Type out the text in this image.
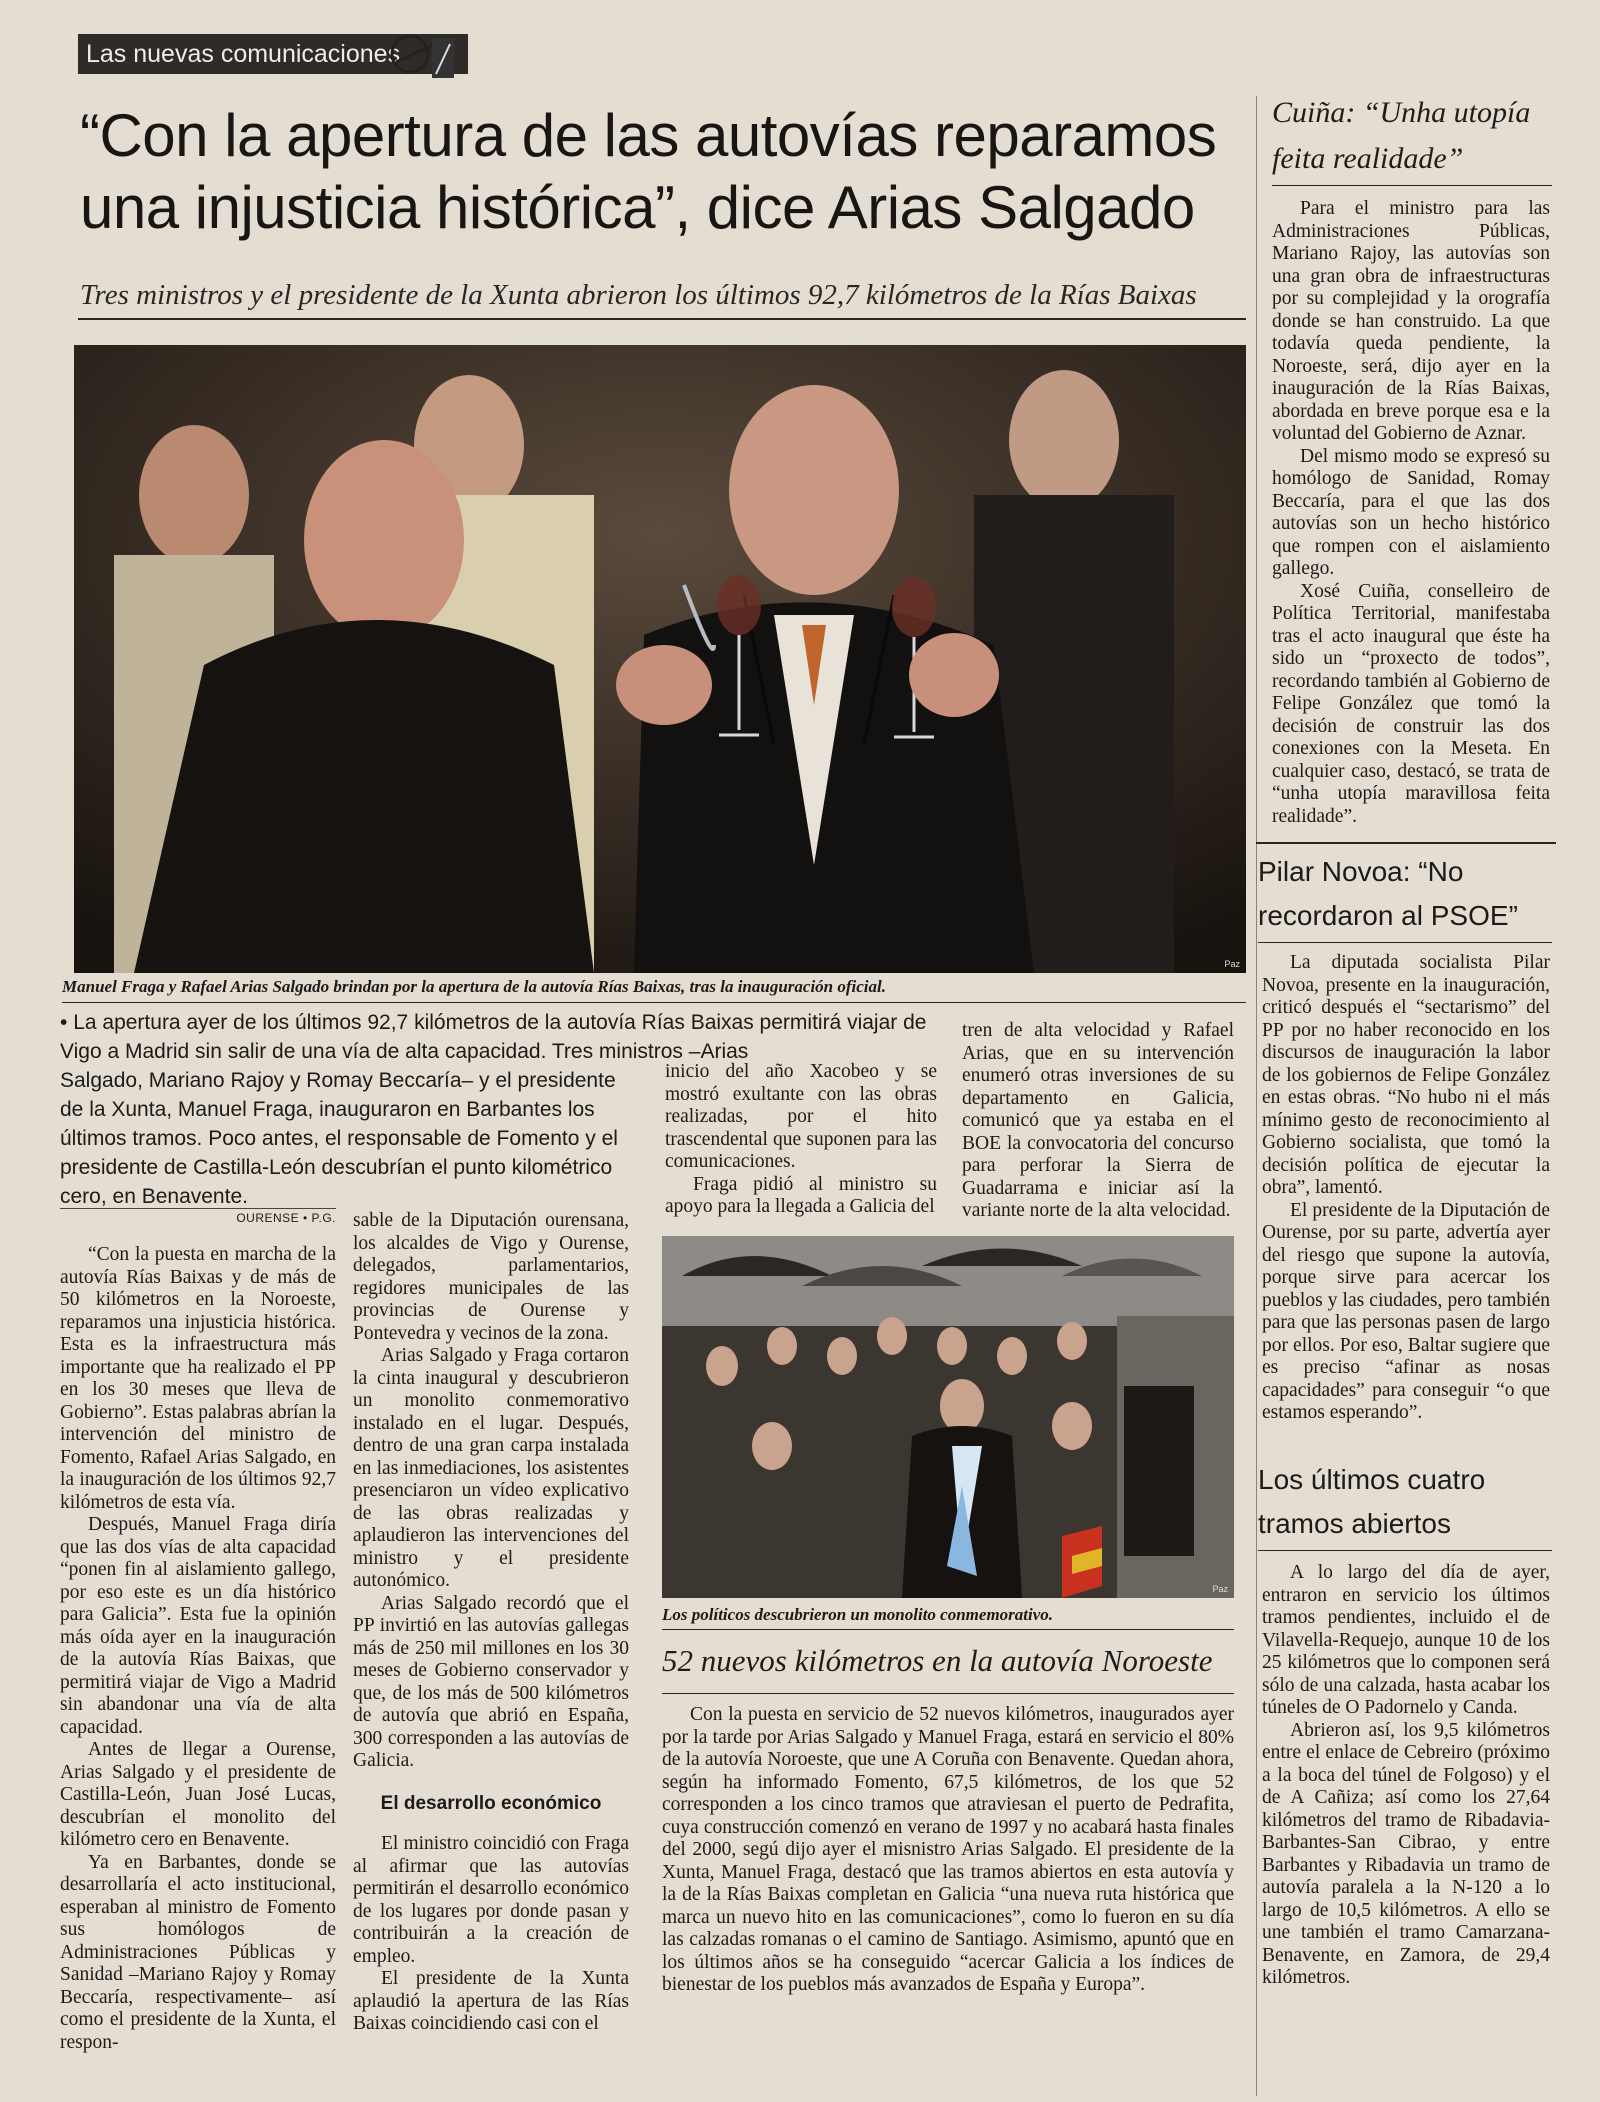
Las nuevas comunicaciones
“Con la apertura de las autovías reparamos una injusticia histórica”, dice Arias Salgado
Tres ministros y el presidente de la Xunta abrieron los últimos 92,7 kilómetros de la Rías Baixas
Paz
Manuel Fraga y Rafael Arias Salgado brindan por la apertura de la autovía Rías Baixas, tras la inauguración oficial.
• La apertura ayer de los últimos 92,7 kilómetros de la autovía Rías Baixas permitirá viajar de Vigo a Madrid sin salir de una vía de alta capacidad. Tres ministros –Arias
Salgado, Mariano Rajoy y Romay Beccaría– y el presidente de la Xunta, Manuel Fraga, inauguraron en Barbantes los últimos tramos. Poco antes, el responsable de Fomento y el presidente de Castilla-León descubrían el punto kilométrico cero, en Benavente.
OURENSE • P.G.

“Con la puesta en marcha de la autovía Rías Baixas y de más de 50 kilómetros en la Noroeste, reparamos una injusticia histórica. Esta es la infraestructura más importante que ha realizado el PP en los 30 meses que lleva de Gobierno”. Estas palabras abrían la intervención del ministro de Fomento, Rafael Arias Salgado, en la inauguración de los últimos 92,7 kilómetros de esta vía.

Después, Manuel Fraga diría que las dos vías de alta capacidad “ponen fin al aislamiento gallego, por eso este es un día histórico para Galicia”. Esta fue la opinión más oída ayer en la inauguración de la autovía Rías Baixas, que permitirá viajar de Vigo a Madrid sin abandonar una vía de alta capacidad.

Antes de llegar a Ourense, Arias Salgado y el presidente de Castilla-León, Juan José Lucas, descubrían el monolito del kilómetro cero en Benavente.

Ya en Barbantes, donde se desarrollaría el acto institucional, esperaban al ministro de Fomento sus homólogos de Administraciones Públicas y Sanidad –Mariano Rajoy y Romay Beccaría, respectivamente– así como el presidente de la Xunta, el respon-

sable de la Diputación ourensana, los alcaldes de Vigo y Ourense, delegados, parlamentarios, regidores municipales de las provincias de Ourense y Pontevedra y vecinos de la zona.

Arias Salgado y Fraga cortaron la cinta inaugural y descubrieron un monolito conmemorativo instalado en el lugar. Después, dentro de una gran carpa instalada en las inmediaciones, los asistentes presenciaron un vídeo explicativo de las obras realizadas y aplaudieron las intervenciones del ministro y el presidente autonómico.

Arias Salgado recordó que el PP invirtió en las autovías gallegas más de 250 mil millones en los 30 meses de Gobierno conservador y que, de los más de 500 kilómetros de autovía que abrió en España, 300 corresponden a las autovías de Galicia.

El desarrollo económico

El ministro coincidió con Fraga al afirmar que las autovías permitirán el desarrollo económico de los lugares por donde pasan y contribuirán a la creación de empleo.

El presidente de la Xunta aplaudió la apertura de las Rías Baixas coincidiendo casi con el

inicio del año Xacobeo y se mostró exultante con las obras realizadas, por el hito trascendental que suponen para las comunicaciones.

Fraga pidió al ministro su apoyo para la llegada a Galicia del

tren de alta velocidad y Rafael Arias, que en su intervención enumeró otras inversiones de su departamento en Galicia, comunicó que ya estaba en el BOE la convocatoria del concurso para perforar la Sierra de Guadarrama e iniciar así la variante norte de la alta velocidad.

Paz
Los políticos descubrieron un monolito conmemorativo.
52 nuevos kilómetros en la autovía Noroeste

Con la puesta en servicio de 52 nuevos kilómetros, inaugurados ayer por la tarde por Arias Salgado y Manuel Fraga, estará en servicio el 80% de la autovía Noroeste, que une A Coruña con Benavente. Quedan ahora, según ha informado Fomento, 67,5 kilómetros, de los que 52 corresponden a los cinco tramos que atraviesan el puerto de Pedrafita, cuya construcción comenzó en verano de 1997 y no acabará hasta finales del 2000, segú dijo ayer el misnistro Arias Salgado. El presidente de la Xunta, Manuel Fraga, destacó que las tramos abiertos en esta autovía y la de la Rías Baixas completan en Galicia “una nueva ruta histórica que marca un nuevo hito en las comunicaciones”, como lo fueron en su día las calzadas romanas o el camino de Santiago. Asimismo, apuntó que en los últimos años se ha conseguido “acercar Galicia a los índices de bienestar de los pueblos más avanzados de España y Europa”.

Cuiña: “Unha utopía
feita realidade”

Para el ministro para las Administraciones Públicas, Mariano Rajoy, las autovías son una gran obra de infraestructuras por su complejidad y la orografía donde se han construido. La que todavía queda pendiente, la Noroeste, será, dijo ayer en la inauguración de la Rías Baixas, abordada en breve porque esa e la voluntad del Gobierno de Aznar.

Del mismo modo se expresó su homólogo de Sanidad, Romay Beccaría, para el que las dos autovías son un hecho histórico que rompen con el aislamiento gallego.

Xosé Cuiña, conselleiro de Política Territorial, manifestaba tras el acto inaugural que éste ha sido un “proxecto de todos”, recordando también al Gobierno de Felipe González que tomó la decisión de construir las dos conexiones con la Meseta. En cualquier caso, destacó, se trata de “unha utopía maravillosa feita realidade”.

Pilar Novoa: “No
recordaron al PSOE”

La diputada socialista Pilar Novoa, presente en la inauguración, criticó después el “sectarismo” del PP por no haber reconocido en los discursos de inauguración la labor de los gobiernos de Felipe González en estas obras. “No hubo ni el más mínimo gesto de reconocimiento al Gobierno socialista, que tomó la decisión política de ejecutar la obra”, lamentó.

El presidente de la Diputación de Ourense, por su parte, advertía ayer del riesgo que supone la autovía, porque sirve para acercar los pueblos y las ciudades, pero también para que las personas pasen de largo por ellos. Por eso, Baltar sugiere que es preciso “afinar as nosas capacidades” para conseguir “o que estamos esperando”.

Los últimos cuatro
tramos abiertos

A lo largo del día de ayer, entraron en servicio los últimos tramos pendientes, incluido el de Vilavella-Requejo, aunque 10 de los 25 kilómetros que lo componen será sólo de una calzada, hasta acabar los túneles de O Padornelo y Canda.

Abrieron así, los 9,5 kilómetros entre el enlace de Cebreiro (próximo a la boca del túnel de Folgoso) y el de A Cañiza; así como los 27,64 kilómetros del tramo de Ribadavia-Barbantes-San Cibrao, y entre Barbantes y Ribadavia un tramo de autovía paralela a la N-120 a lo largo de 10,5 kilómetros. A ello se une también el tramo Camarzana-Benavente, en Zamora, de 29,4 kilómetros.
